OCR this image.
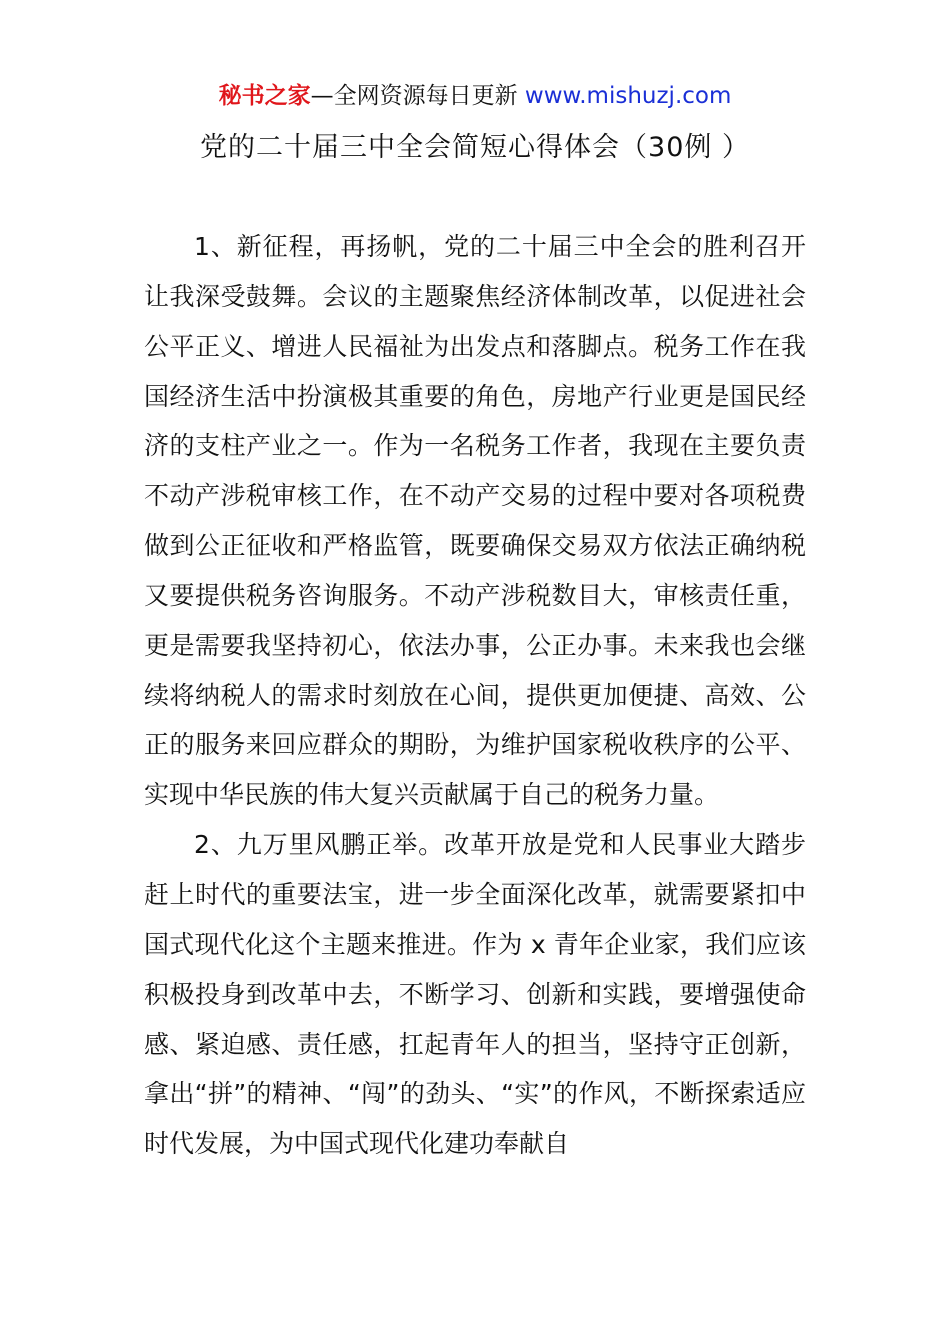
秘书之家—全网资源每日更新 www.mishuzj.com
党的二十届三中全会简短心得体会（30例 ）

1、新征程，再扬帆，党的二十届三中全会的胜利召开让我深受鼓舞。会议的主题聚焦经济体制改革，以促进社会公平正义、增进人民福祉为出发点和落脚点。税务工作在我国经济生活中扮演极其重要的角色，房地产行业更是国民经济的支柱产业之一。作为一名税务工作者，我现在主要负责不动产涉税审核工作，在不动产交易的过程中要对各项税费做到公正征收和严格监管，既要确保交易双方依法正确纳税又要提供税务咨询服务。不动产涉税数目大，审核责任重，更是需要我坚持初心，依法办事，公正办事。未来我也会继续将纳税人的需求时刻放在心间，提供更加便捷、高效、公正的服务来回应群众的期盼，为维护国家税收秩序的公平、实现中华民族的伟大复兴贡献属于自己的税务力量。

2、九万里风鹏正举。改革开放是党和人民事业大踏步赶上时代的重要法宝，进一步全面深化改革，就需要紧扣中国式现代化这个主题来推进。作为 x 青年企业家，我们应该积极投身到改革中去，不断学习、创新和实践，要增强使命感、紧迫感、责任感，扛起青年人的担当，坚持守正创新，拿出“拼”的精神、“闯”的劲头、“实”的作风，不断探索适应时代发展，为中国式现代化建功奉献自
